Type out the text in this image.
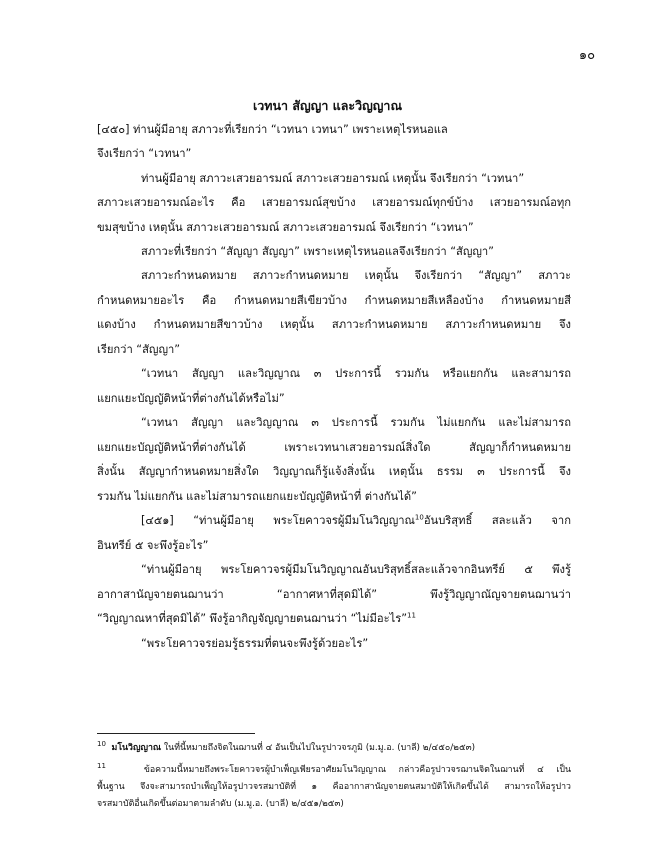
๑๐
เวทนา สัญญา และวิญญาณ
[๔๕๐] ท่านผู้มีอายุ สภาวะที่เรียกว่า “เวทนา เวทนา” เพราะเหตุไรหนอแล
จึงเรียกว่า “เวทนา”
ท่านผู้มีอายุ สภาวะเสวยอารมณ์ สภาวะเสวยอารมณ์ เหตุนั้น จึงเรียกว่า “เวทนา”
สภาวะเสวยอารมณ์อะไร คือ เสวยอารมณ์สุขบ้าง เสวยอารมณ์ทุกข์บ้าง เสวยอารมณ์อทุก
ขมสุขบ้าง เหตุนั้น สภาวะเสวยอารมณ์ สภาวะเสวยอารมณ์ จึงเรียกว่า “เวทนา”
สภาวะที่เรียกว่า “สัญญา สัญญา” เพราะเหตุไรหนอแลจึงเรียกว่า “สัญญา”
สภาวะกำหนดหมาย สภาวะกำหนดหมาย เหตุนั้น จึงเรียกว่า “สัญญา” สภาวะ
กำหนดหมายอะไร คือ กำหนดหมายสีเขียวบ้าง กำหนดหมายสีเหลืองบ้าง กำหนดหมายสี
แดงบ้าง กำหนดหมายสีขาวบ้าง เหตุนั้น สภาวะกำหนดหมาย สภาวะกำหนดหมาย จึง
เรียกว่า “สัญญา”
“เวทนา สัญญา และวิญญาณ ๓ ประการนี้ รวมกัน หรือแยกกัน และสามารถ
แยกแยะบัญญัติหน้าที่ต่างกันได้หรือไม่”
“เวทนา สัญญา และวิญญาณ ๓ ประการนี้ รวมกัน ไม่แยกกัน และไม่สามารถ
แยกแยะบัญญัติหน้าที่ต่างกันได้ เพราะเวทนาเสวยอารมณ์สิ่งใด สัญญาก็กำหนดหมาย
สิ่งนั้น สัญญากำหนดหมายสิ่งใด วิญญาณก็รู้แจ้งสิ่งนั้น เหตุนั้น ธรรม ๓ ประการนี้ จึง
รวมกัน ไม่แยกกัน และไม่สามารถแยกแยะบัญญัติหน้าที่ ต่างกันได้”
[๔๕๑] “ท่านผู้มีอายุ พระโยคาวจรผู้มีมโนวิญญาณ$^{10}$อันบริสุทธิ์ สละแล้ว จาก
อินทรีย์ ๕ จะพึงรู้อะไร”
“ท่านผู้มีอายุ พระโยคาวจรผู้มีมโนวิญญาณอันบริสุทธิ์สละแล้วจากอินทรีย์ ๕ พึงรู้
อากาสานัญจายตนฌานว่า “อากาศหาที่สุดมิได้” พึงรู้วิญญาณัญจายตนฌานว่า
“วิญญาณหาที่สุดมิได้” พึงรู้อากิญจัญญายตนฌานว่า “ไม่มีอะไร”$^{11}$
“พระโยคาวจรย่อมรู้ธรรมที่ตนจะพึงรู้ด้วยอะไร”
$^{10}$ มโนวิญญาณ ในที่นี้หมายถึงจิตในฌานที่ ๔ อันเป็นไปในรูปาวจรภูมิ (ม.มู.อ. (บาลี) ๒/๔๕๐/๒๕๓)
$^{11}$	ข้อความนี้หมายถึงพระโยคาวจรผู้บำเพ็ญเพียรอาศัยมโนวิญญาณ กล่าวคือรูปาวจรฌานจิตในฌานที่ ๔ เป็น
พื้นฐาน จึงจะสามารถบำเพ็ญให้อรูปาวจรสมาบัติที่ ๑ คืออากาสานัญจายตนสมาบัติให้เกิดขึ้นได้ สามารถให้อรูปาว
จรสมาบัติอื่นเกิดขึ้นต่อมาตามลำดับ (ม.มู.อ. (บาลี) ๒/๔๕๑/๒๕๓)
